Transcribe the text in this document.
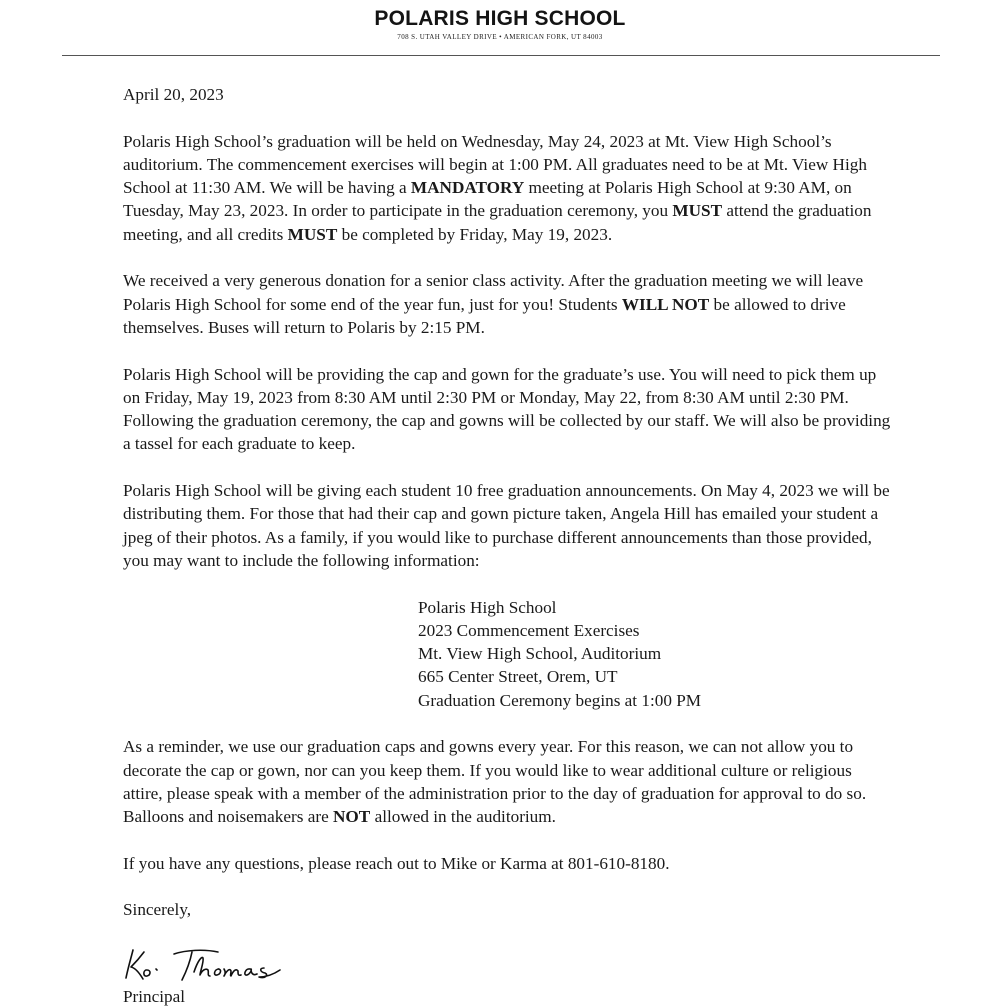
POLARIS HIGH SCHOOL
708 S. UTAH VALLEY DRIVE • AMERICAN FORK, UT 84003

April 20, 2023

Polaris High School’s graduation will be held on Wednesday, May 24, 2023 at Mt. View High School’s auditorium. The commencement exercises will begin at 1:00 PM. All graduates need to be at Mt. View High School at 11:30 AM. We will be having a MANDATORY meeting at Polaris High School at 9:30 AM, on Tuesday, May 23, 2023. In order to participate in the graduation ceremony, you MUST attend the graduation meeting, and all credits MUST be completed by Friday, May 19, 2023.

We received a very generous donation for a senior class activity. After the graduation meeting we will leave Polaris High School for some end of the year fun, just for you! Students WILL NOT be allowed to drive themselves. Buses will return to Polaris by 2:15 PM.

Polaris High School will be providing the cap and gown for the graduate’s use. You will need to pick them up on Friday, May 19, 2023 from 8:30 AM until 2:30 PM or Monday, May 22, from 8:30 AM until 2:30 PM. Following the graduation ceremony, the cap and gowns will be collected by our staff. We will also be providing a tassel for each graduate to keep.

Polaris High School will be giving each student 10 free graduation announcements. On May 4, 2023 we will be distributing them. For those that had their cap and gown picture taken, Angela Hill has emailed your student a jpeg of their photos. As a family, if you would like to purchase different announcements than those provided, you may want to include the following information:

Polaris High School
2023 Commencement Exercises
Mt. View High School, Auditorium
665 Center Street, Orem, UT
Graduation Ceremony begins at 1:00 PM

As a reminder, we use our graduation caps and gowns every year. For this reason, we can not allow you to decorate the cap or gown, nor can you keep them. If you would like to wear additional culture or religious attire, please speak with a member of the administration prior to the day of graduation for approval to do so. Balloons and noisemakers are NOT allowed in the auditorium.

If you have any questions, please reach out to Mike or Karma at 801-610-8180.

Sincerely,

Principal
